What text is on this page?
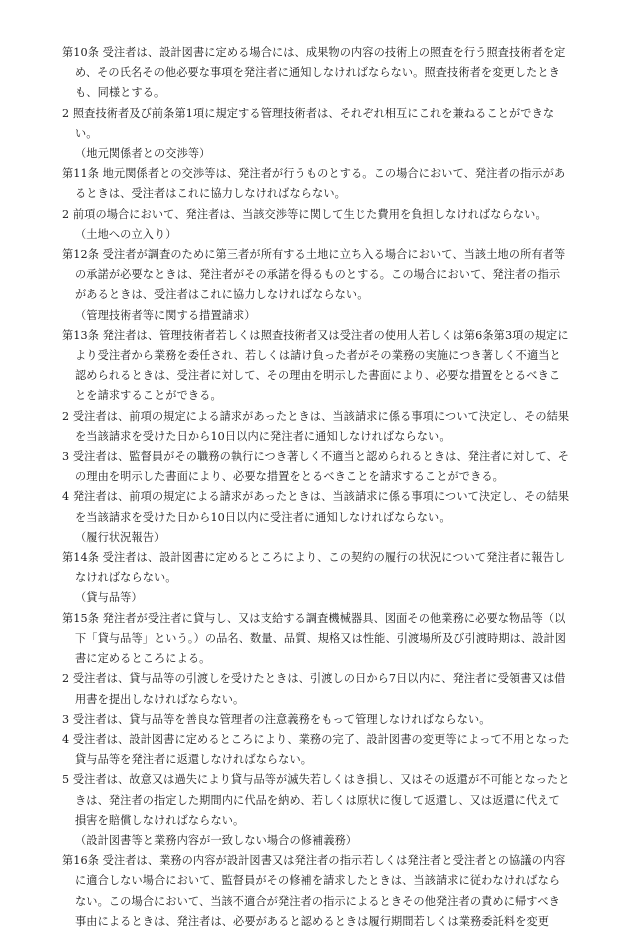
第10条 受注者は、設計図書に定める場合には、成果物の内容の技術上の照査を行う照査技術者を定め、その氏名その他必要な事項を発注者に通知しなければならない。照査技術者を変更したときも、同様とする。

2 照査技術者及び前条第1項に規定する管理技術者は、それぞれ相互にこれを兼ねることができない。

（地元関係者との交渉等）

第11条 地元関係者との交渉等は、発注者が行うものとする。この場合において、発注者の指示があるときは、受注者はこれに協力しなければならない。

2 前項の場合において、発注者は、当該交渉等に関して生じた費用を負担しなければならない。

（土地への立入り）

第12条 受注者が調査のために第三者が所有する土地に立ち入る場合において、当該土地の所有者等の承諾が必要なときは、発注者がその承諾を得るものとする。この場合において、発注者の指示があるときは、受注者はこれに協力しなければならない。

（管理技術者等に関する措置請求）

第13条 発注者は、管理技術者若しくは照査技術者又は受注者の使用人若しくは第6条第3項の規定により受注者から業務を委任され、若しくは請け負った者がその業務の実施につき著しく不適当と認められるときは、受注者に対して、その理由を明示した書面により、必要な措置をとるべきことを請求することができる。

2 受注者は、前項の規定による請求があったときは、当該請求に係る事項について決定し、その結果を当該請求を受けた日から10日以内に発注者に通知しなければならない。

3 受注者は、監督員がその職務の執行につき著しく不適当と認められるときは、発注者に対して、その理由を明示した書面により、必要な措置をとるべきことを請求することができる。

4 発注者は、前項の規定による請求があったときは、当該請求に係る事項について決定し、その結果を当該請求を受けた日から10日以内に受注者に通知しなければならない。

（履行状況報告）

第14条 受注者は、設計図書に定めるところにより、この契約の履行の状況について発注者に報告しなければならない。

（貸与品等）

第15条 発注者が受注者に貸与し、又は支給する調査機械器具、図面その他業務に必要な物品等（以下「貸与品等」という。）の品名、数量、品質、規格又は性能、引渡場所及び引渡時期は、設計図書に定めるところによる。

2 受注者は、貸与品等の引渡しを受けたときは、引渡しの日から7日以内に、発注者に受領書又は借用書を提出しなければならない。

3 受注者は、貸与品等を善良な管理者の注意義務をもって管理しなければならない。

4 受注者は、設計図書に定めるところにより、業務の完了、設計図書の変更等によって不用となった貸与品等を発注者に返還しなければならない。

5 受注者は、故意又は過失により貸与品等が滅失若しくはき損し、又はその返還が不可能となったときは、発注者の指定した期間内に代品を納め、若しくは原状に復して返還し、又は返還に代えて損害を賠償しなければならない。

（設計図書等と業務内容が一致しない場合の修補義務）

第16条 受注者は、業務の内容が設計図書又は発注者の指示若しくは発注者と受注者との協議の内容に適合しない場合において、監督員がその修補を請求したときは、当該請求に従わなければならない。この場合において、当該不適合が発注者の指示によるときその他発注者の責めに帰すべき事由によるときは、発注者は、必要があると認めるときは履行期間若しくは業務委託料を変更
